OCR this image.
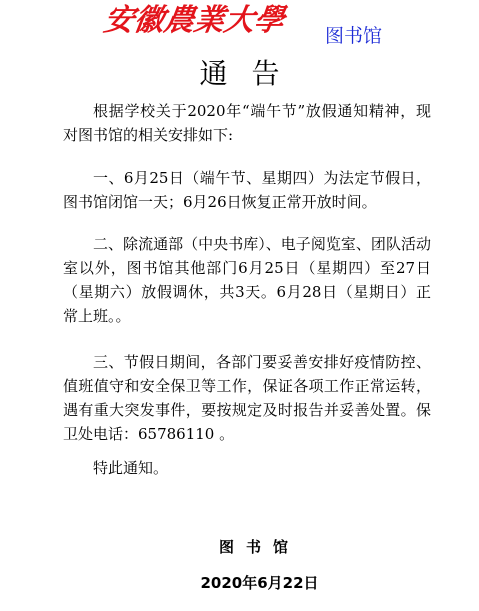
安徽農業大學 图书馆
通告

根据学校关于2020年“端午节”放假通知精神，现对图书馆的相关安排如下:

一、6月25日（端午节、星期四）为法定节假日，图书馆闭馆一天；6月26日恢复正常开放时间。

二、除流通部（中央书库）、电子阅览室、团队活动室以外，图书馆其他部门6月25日（星期四）至27日（星期六）放假调休，共3天。6月28日（星期日）正常上班。。

三、节假日期间，各部门要妥善安排好疫情防控、值班值守和安全保卫等工作，保证各项工作正常运转，遇有重大突发事件，要按规定及时报告并妥善处置。保卫处电话：65786110 。

特此通知。

图书馆
2020年6月22日
